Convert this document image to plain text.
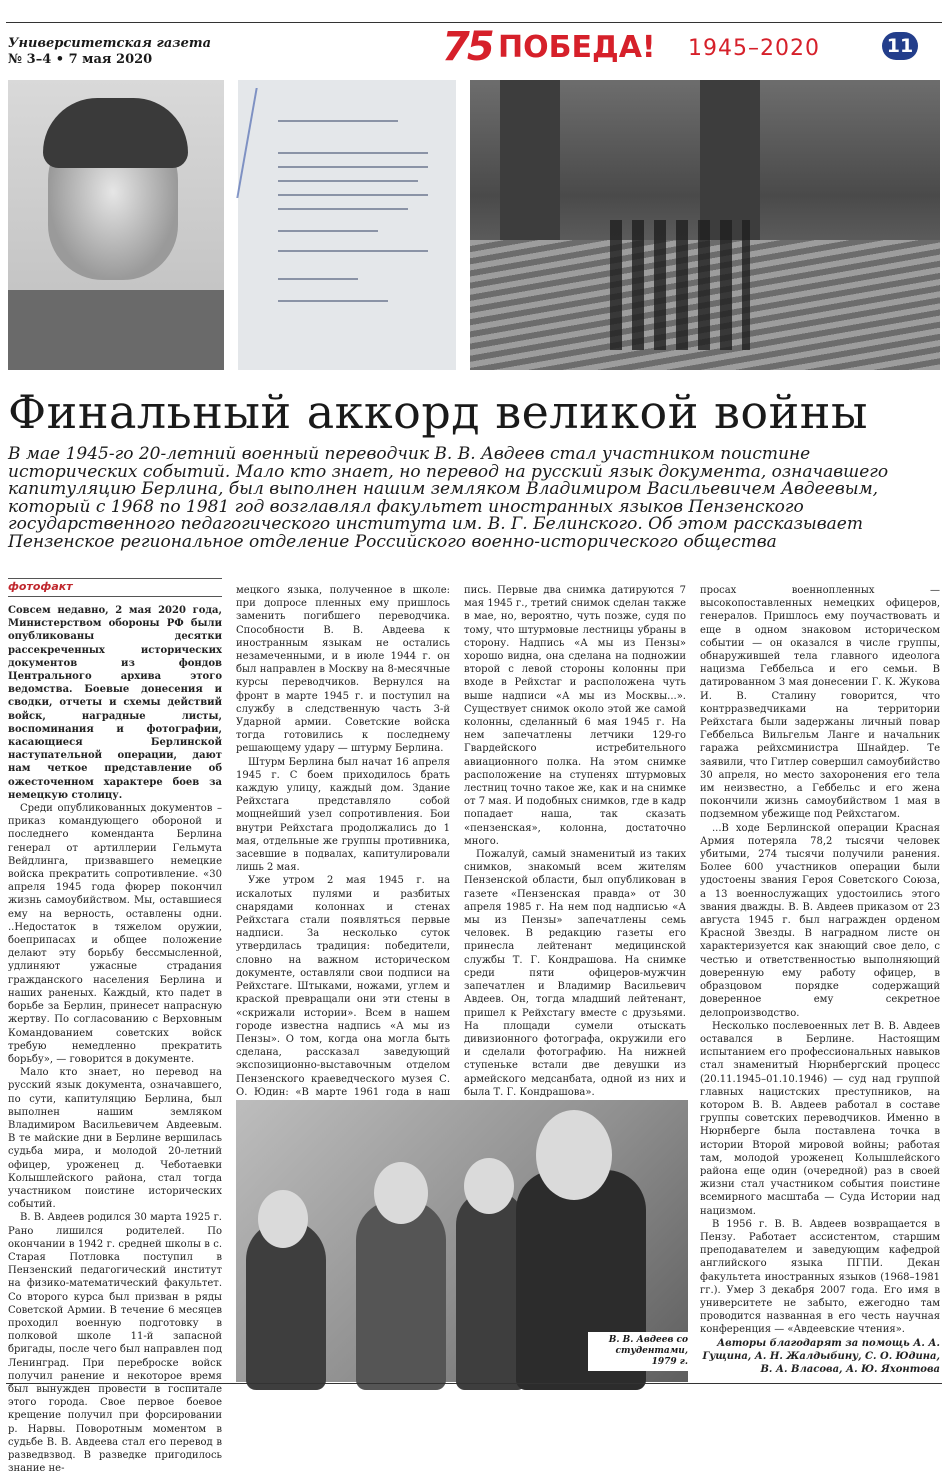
Университетская газета
№ 3–4 • 7 мая 2020	75 ПОБЕДА! 1945–2020	11
Финальный аккорд великой войны
В мае 1945-го 20-летний военный переводчик В. В. Авдеев стал участником поистине исторических событий. Мало кто знает, но перевод на русский язык документа, означавшего капитуляцию Берлина, был выполнен нашим земляком Владимиром Васильевичем Авдеевым, который с 1968 по 1981 год возглавлял факультет иностранных языков Пензенского государственного педагогического института им. В. Г. Белинского. Об этом рассказывает Пензенское региональное отделение Российского военно-исторического общества
фотофакт

Совсем недавно, 2 мая 2020 года, Министерством обороны РФ были опубликованы десятки рассекреченных исторических документов из фондов Центрального архива этого ведомства. Боевые донесения и сводки, отчеты и схемы действий войск, наградные листы, воспоминания и фотографии, касающиеся Берлинской наступательной операции, дают нам четкое представление об ожесточенном характере боев за немецкую столицу.

Среди опубликованных документов – приказ командующего обороной и последнего коменданта Берлина генерал от артиллерии Гельмута Вейдлинга, призвавшего немецкие войска прекратить сопротивление. «30 апреля 1945 года фюрер покончил жизнь самоубийством. Мы, оставшиеся ему на верность, оставлены одни. ..Недостаток в тяжелом оружии, боеприпасах и общее положение делают эту борьбу бессмысленной, удлиняют ужасные страдания гражданского населения Берлина и наших раненых. Каждый, кто падет в борьбе за Берлин, принесет напрасную жертву. По согласованию с Верховным Командованием советских войск требую немедленно прекратить борьбу», — говорится в документе.

Мало кто знает, но перевод на русский язык документа, означавшего, по сути, капитуляцию Берлина, был выполнен нашим земляком Владимиром Васильевичем Авдеевым. В те майские дни в Берлине вершилась судьба мира, и молодой 20-летний офицер, уроженец д. Чеботаевки Колышлейского района, стал тогда участником поистине исторических событий.

В. В. Авдеев родился 30 марта 1925 г. Рано лишился родителей. По окончании в 1942 г. средней школы в с. Старая Потловка поступил в Пензенский педагогический институт на физико-математический факультет. Со второго курса был призван в ряды Советской Армии. В течение 6 месяцев проходил военную подготовку в полковой школе 11-й запасной бригады, после чего был направлен под Ленинград. При переброске войск получил ранение и некоторое время был вынужден провести в госпитале этого города. Свое первое боевое крещение получил при форсировании р. Нарвы. Поворотным моментом в судьбе В. В. Авдеева стал его перевод в разведвзвод. В разведке пригодилось знание не-

мецкого языка, полученное в школе: при допросе пленных ему пришлось заменить погибшего переводчика. Способности В. В. Авдеева к иностранным языкам не остались незамеченными, и в июле 1944 г. он был направлен в Москву на 8-месячные курсы переводчиков. Вернулся на фронт в марте 1945 г. и поступил на службу в следственную часть 3-й Ударной армии. Советские войска тогда готовились к последнему решающему удару — штурму Берлина.

Штурм Берлина был начат 16 апреля 1945 г. С боем приходилось брать каждую улицу, каждый дом. Здание Рейхстага представляло собой мощнейший узел сопротивления. Бои внутри Рейхстага продолжались до 1 мая, отдельные же группы противника, засевшие в подвалах, капитулировали лишь 2 мая.

Уже утром 2 мая 1945 г. на искалотых пулями и разбитых снарядами колоннах и стенах Рейхстага стали появляться первые надписи. За несколько суток утвердилась традиция: победители, словно на важном историческом документе, оставляли свои подписи на Рейхстаге. Штыками, ножами, углем и краской превращали они эти стены в «скрижали истории». Всем в нашем городе известна надпись «А мы из Пензы». О том, когда она могла быть сделана, рассказал заведующий экспозиционно-выставочным отделом Пензенского краеведческого музея С. О. Юдин: «В марте 1961 года в наш

пись. Первые два снимка датируются 7 мая 1945 г., третий снимок сделан также в мае, но, вероятно, чуть позже, судя по тому, что штурмовые лестницы убраны в сторону. Надпись «А мы из Пензы» хорошо видна, она сделана на подножии второй с левой стороны колонны при входе в Рейхстаг и расположена чуть выше надписи «А мы из Москвы...». Существует снимок около этой же самой колонны, сделанный 6 мая 1945 г. На нем запечатлены летчики 129-го Гвардейского истребительного авиационного полка. На этом снимке расположение на ступенях штурмовых лестниц точно такое же, как и на снимке от 7 мая. И подобных снимков, где в кадр попадает наша, так сказать «пензенская», колонна, достаточно много.

Пожалуй, самый знаменитый из таких снимков, знакомый всем жителям Пензенской области, был опубликован в газете «Пензенская правда» от 30 апреля 1985 г. На нем под надписью «А мы из Пензы» запечатлены семь человек. В редакцию газеты его принесла лейтенант медицинской службы Т. Г. Кондрашова. На снимке среди пяти офицеров-мужчин запечатлен и Владимир Васильевич Авдеев. Он, тогда младший лейтенант, пришел к Рейхстагу вместе с друзьями. На площади сумели отыскать дивизионного фотографа, окружили его и сделали фотографию. На нижней ступеньке встали две девушки из армейского медсанбата, одной из них и была Т. Г. Кондрашова».

просах военнопленных — высокопоставленных немецких офицеров, генералов. Пришлось ему поучаствовать и еще в одном знаковом историческом событии — он оказался в числе группы, обнаружившей тела главного идеолога нацизма Геббельса и его семьи. В датированном 3 мая донесении Г. К. Жукова И. В. Сталину говорится, что контрразведчиками на территории Рейхстага были задержаны личный повар Геббельса Вильгельм Ланге и начальник гаража рейхсминистра Шнайдер. Те заявили, что Гитлер совершил самоубийство 30 апреля, но место захоронения его тела им неизвестно, а Геббельс и его жена покончили жизнь самоубийством 1 мая в подземном убежище под Рейхстагом.

...В ходе Берлинской операции Красная Армия потеряла 78,2 тысячи человек убитыми, 274 тысячи получили ранения. Более 600 участников операции были удостоены звания Героя Советского Союза, а 13 военнослужащих удостоились этого звания дважды. В. В. Авдеев приказом от 23 августа 1945 г. был награжден орденом Красной Звезды. В наградном листе он характеризуется как знающий свое дело, с честью и ответственностью выполняющий доверенную ему работу офицер, в образцовом порядке содержащий доверенное ему секретное делопроизводство.

Несколько послевоенных лет В. В. Авдеев оставался в Берлине. Настоящим испытанием его профессиональных навыков стал знаменитый Нюрнбергский процесс (20.11.1945–01.10.1946) — суд над группой главных нацистских преступников, на котором В. В. Авдеев работал в составе группы советских переводчиков. Именно в Нюрнберге была поставлена точка в истории Второй мировой войны; работая там, молодой уроженец Колышлейского района еще один (очередной) раз в своей жизни стал участником события поистине всемирного масштаба — Суда Истории над нацизмом.

В 1956 г. В. В. Авдеев возвращается в Пензу. Работает ассистентом, старшим преподавателем и заведующим кафедрой английского языка ПГПИ. Декан факультета иностранных языков (1968–1981 гг.). Умер 3 декабря 2007 года. Его имя в университете не забыто, ежегодно там проводится названная в его честь научная конференция — «Авдеевские чтения».

Авторы благодарят за помощь А. А. Гущина, А. Н. Жалдыбину, С. О. Юдина, В. А. Власова, А. Ю. Яхонтова

В. В. Авдеев со студентами, 1979 г.
